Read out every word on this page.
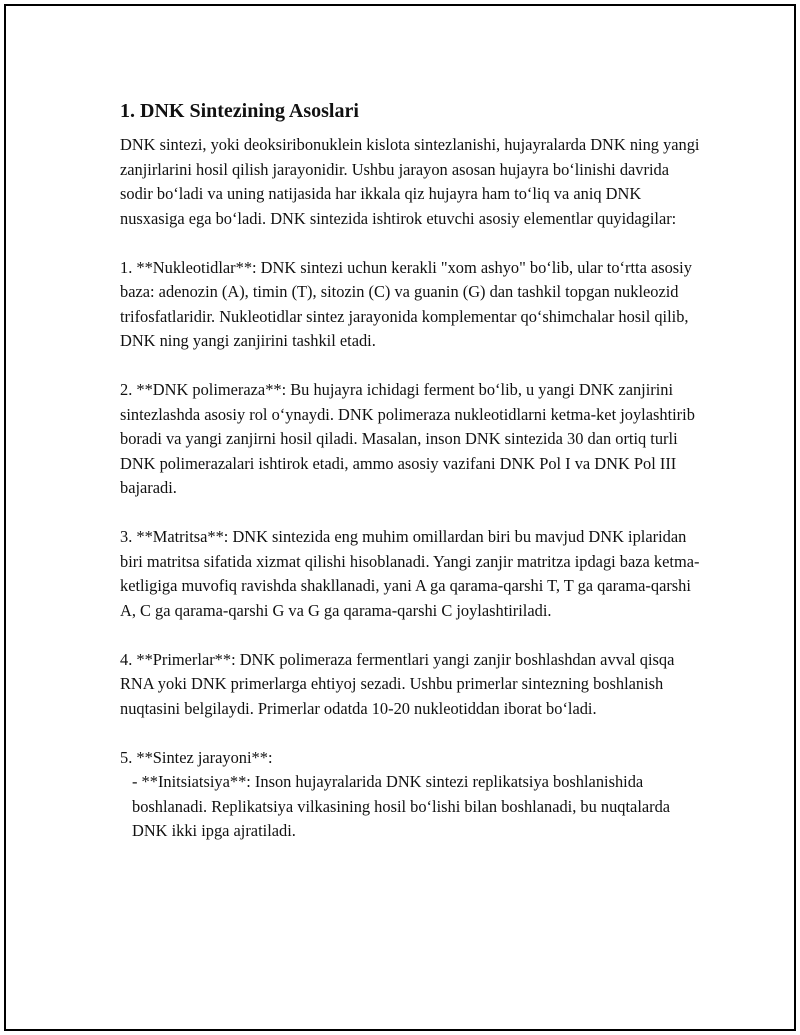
1. DNK Sintezining Asoslari

DNK sintezi, yoki deoksiribonuklein kislota sintezlanishi, hujayralarda DNK ning yangi zanjirlarini hosil qilish jarayonidir. Ushbu jarayon asosan hujayra bo‘linishi davrida sodir bo‘ladi va uning natijasida har ikkala qiz hujayra ham to‘liq va aniq DNK nusxasiga ega bo‘ladi. DNK sintezida ishtirok etuvchi asosiy elementlar quyidagilar:

1. **Nukleotidlar**: DNK sintezi uchun kerakli "xom ashyo" bo‘lib, ular to‘rtta asosiy baza: adenozin (A), timin (T), sitozin (C) va guanin (G) dan tashkil topgan nukleozid trifosfatlaridir. Nukleotidlar sintez jarayonida komplementar qo‘shimchalar hosil qilib, DNK ning yangi zanjirini tashkil etadi.

2. **DNK polimeraza**: Bu hujayra ichidagi ferment bo‘lib, u yangi DNK zanjirini sintezlashda asosiy rol o‘ynaydi. DNK polimeraza nukleotidlarni ketma-ket joylashtirib boradi va yangi zanjirni hosil qiladi. Masalan, inson DNK sintezida 30 dan ortiq turli DNK polimerazalari ishtirok etadi, ammo asosiy vazifani DNK Pol I va DNK Pol III bajaradi.

3. **Matritsa**: DNK sintezida eng muhim omillardan biri bu mavjud DNK iplaridan biri matritsa sifatida xizmat qilishi hisoblanadi. Yangi zanjir matritza ipdagi baza ketma-ketligiga muvofiq ravishda shakllanadi, yani A ga qarama-qarshi T, T ga qarama-qarshi A, C ga qarama-qarshi G va G ga qarama-qarshi C joylashtiriladi.

4. **Primerlar**: DNK polimeraza fermentlari yangi zanjir boshlashdan avval qisqa RNA yoki DNK primerlarga ehtiyoj sezadi. Ushbu primerlar sintezning boshlanish nuqtasini belgilaydi. Primerlar odatda 10-20 nukleotiddan iborat bo‘ladi.

5. **Sintez jarayoni**:
- **Initsiatsiya**: Inson hujayralarida DNK sintezi replikatsiya boshlanishida boshlanadi. Replikatsiya vilkasining hosil bo‘lishi bilan boshlanadi, bu nuqtalarda DNK ikki ipga ajratiladi.
